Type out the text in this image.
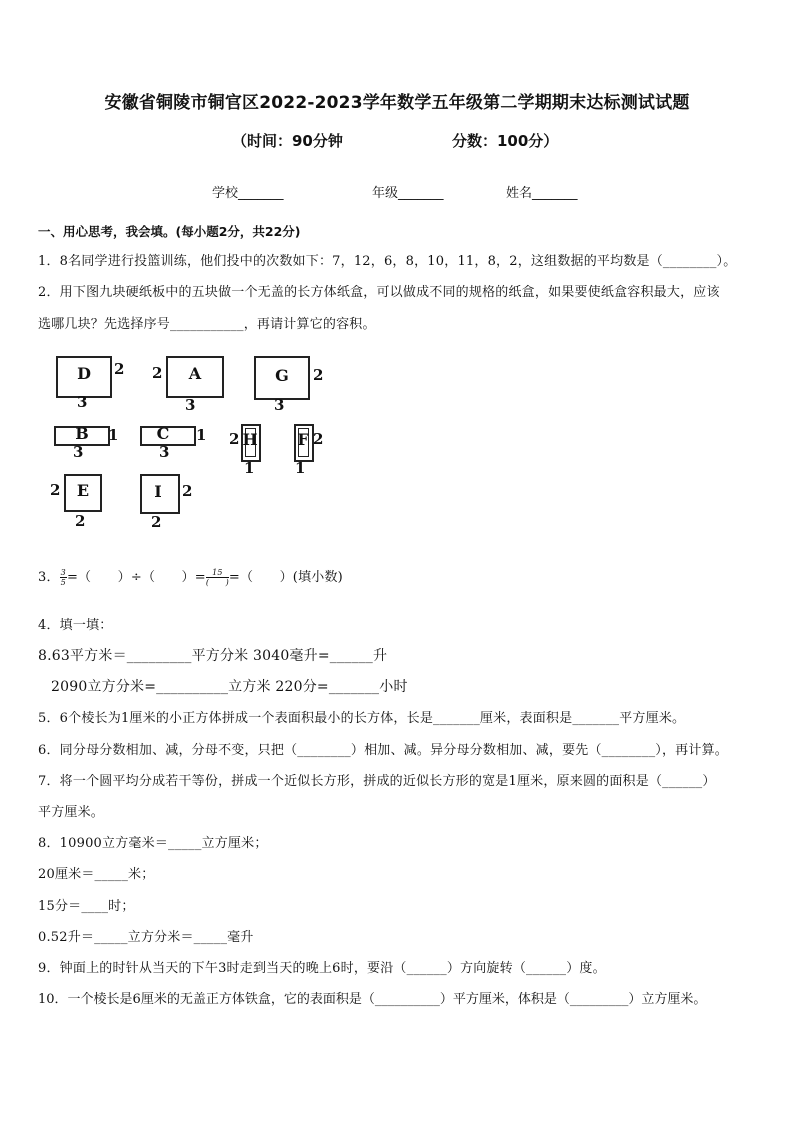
安徽省铜陵市铜官区2022-2023学年数学五年级第二学期期末达标测试试题
（时间：90分钟	分数：100分）
学校_______	年级_______	姓名_______
一、用心思考，我会填。(每小题2分，共22分)
1．8名同学进行投篮训练，他们投中的次数如下：7，12，6，8，10，11，8，2，这组数据的平均数是（________）。
2．用下图九块硬纸板中的五块做一个无盖的长方体纸盒，可以做成不同的规格的纸盒，如果要使纸盒容积最大，应该
选哪几块？先选择序号___________，再请计算它的容积。
D	2
3
A
2
3
G	2
3
B	1
3
C	1
3
H
2
1
F 2
1
E
2
2
I	2
2
3． $\frac{3}{5}$ =（　　）÷（　　）= $\frac{15}{( )}$ =（　　）(填小数)
4．填一填：
8.63平方米＝_________平方分米 3040毫升=______升
2090立方分米=__________立方米 220分=_______小时
5．6个棱长为1厘米的小正方体拼成一个表面积最小的长方体，长是_______厘米，表面积是_______平方厘米。
6．同分母分数相加、减，分母不变，只把（________）相加、减。异分母分数相加、减，要先（________），再计算。
7．将一个圆平均分成若干等份，拼成一个近似长方形，拼成的近似长方形的宽是1厘米，原来圆的面积是（______）
平方厘米。
8．10900立方毫米＝_____立方厘米；
20厘米＝_____米；
15分＝____时；
0.52升＝_____立方分米＝_____毫升
9．钟面上的时针从当天的下午3时走到当天的晚上6时，要沿（______）方向旋转（______）度。
10．一个棱长是6厘米的无盖正方体铁盒，它的表面积是（__________）平方厘米，体积是（_________）立方厘米。
